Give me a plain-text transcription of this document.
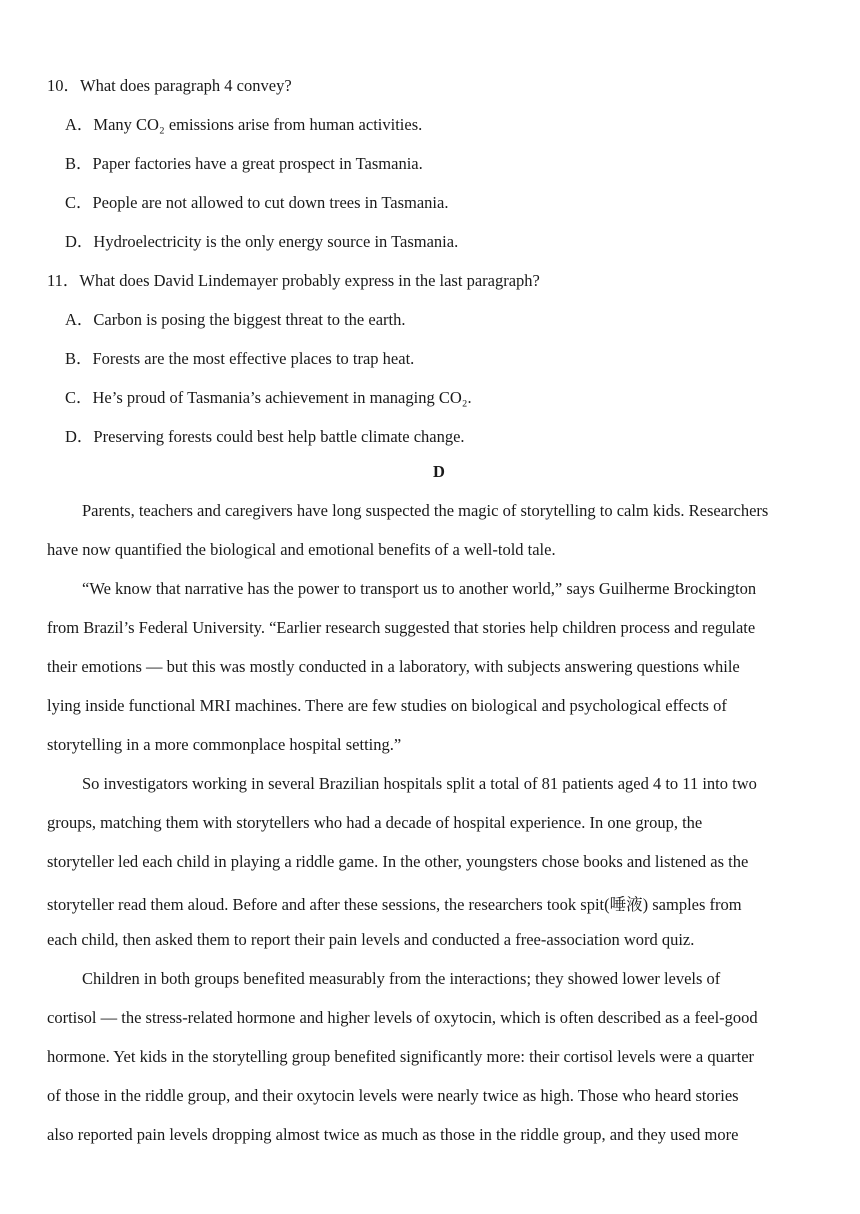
10．What does paragraph 4 convey?
A．Many CO₂ emissions arise from human activities.
B．Paper factories have a great prospect in Tasmania.
C．People are not allowed to cut down trees in Tasmania.
D．Hydroelectricity is the only energy source in Tasmania.
11．What does David Lindemayer probably express in the last paragraph?
A．Carbon is posing the biggest threat to the earth.
B．Forests are the most effective places to trap heat.
C．He’s proud of Tasmania’s achievement in managing CO₂.
D．Preserving forests could best help battle climate change.
D
Parents, teachers and caregivers have long suspected the magic of storytelling to calm kids. Researchers
have now quantified the biological and emotional benefits of a well-told tale.
“We know that narrative has the power to transport us to another world,” says Guilherme Brockington
from Brazil’s Federal University. “Earlier research suggested that stories help children process and regulate
their emotions — but this was mostly conducted in a laboratory, with subjects answering questions while
lying inside functional MRI machines. There are few studies on biological and psychological effects of
storytelling in a more commonplace hospital setting.”
So investigators working in several Brazilian hospitals split a total of 81 patients aged 4 to 11 into two
groups, matching them with storytellers who had a decade of hospital experience. In one group, the
storyteller led each child in playing a riddle game. In the other, youngsters chose books and listened as the
storyteller read them aloud. Before and after these sessions, the researchers took spit(唾液) samples from
each child, then asked them to report their pain levels and conducted a free-association word quiz.
Children in both groups benefited measurably from the interactions; they showed lower levels of
cortisol — the stress-related hormone and higher levels of oxytocin, which is often described as a feel-good
hormone. Yet kids in the storytelling group benefited significantly more: their cortisol levels were a quarter
of those in the riddle group, and their oxytocin levels were nearly twice as high. Those who heard stories
also reported pain levels dropping almost twice as much as those in the riddle group, and they used more
